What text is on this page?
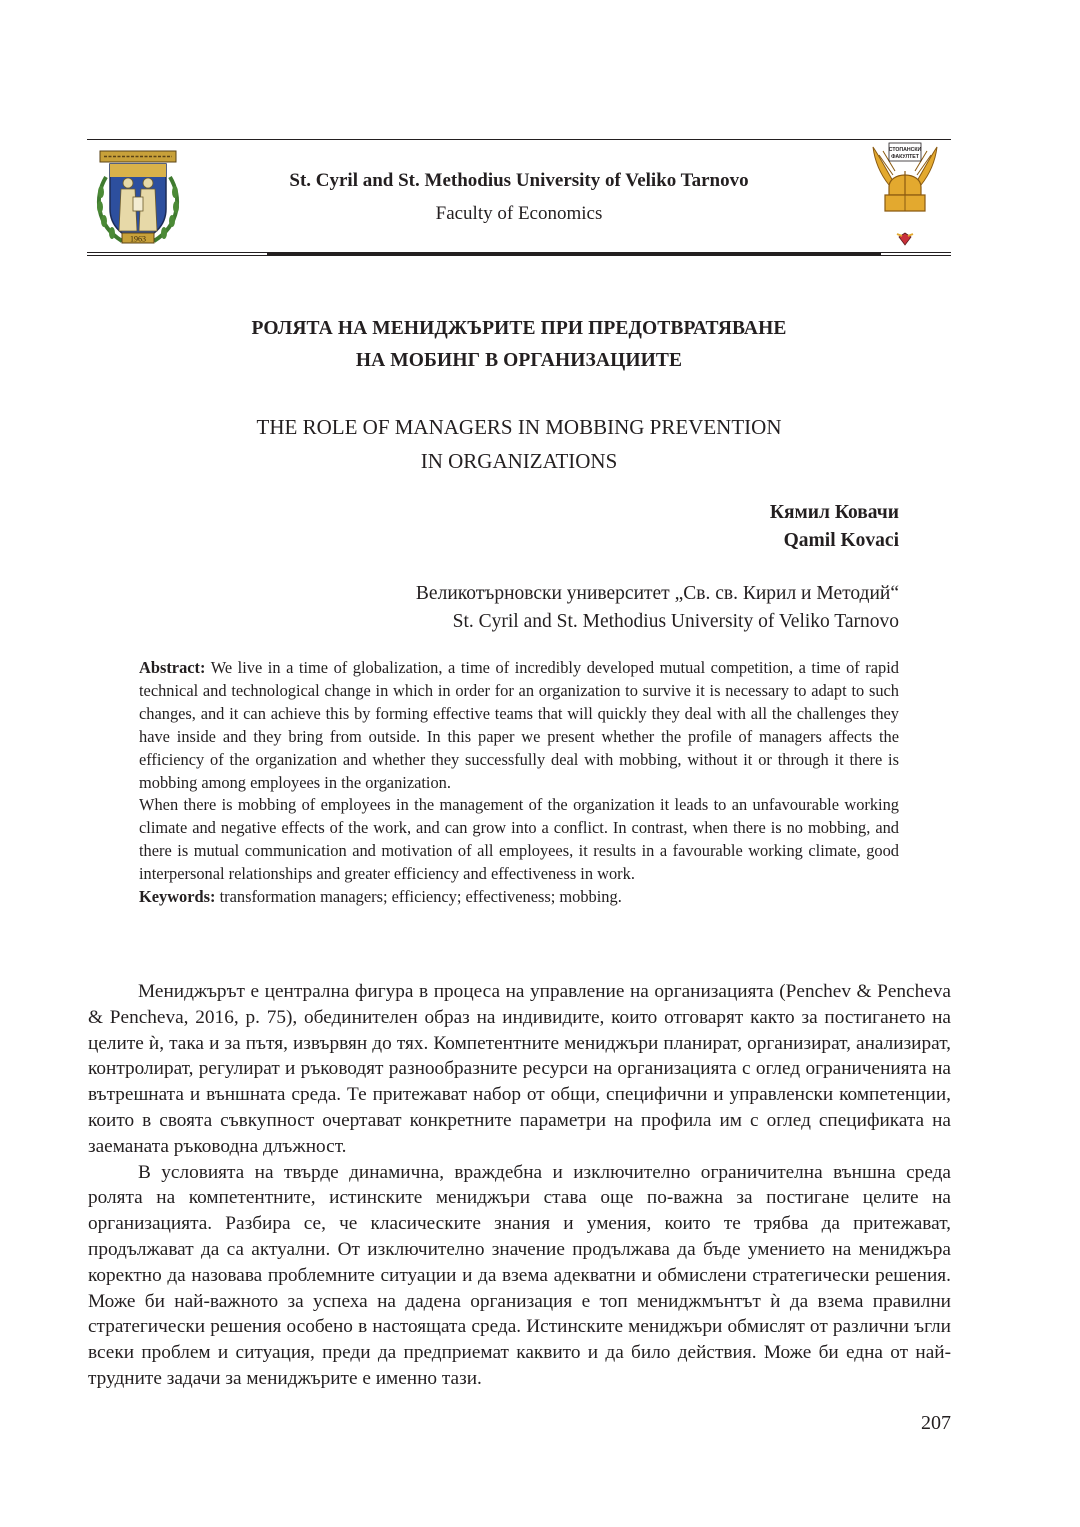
1963
St. Cyril and St. Methodius University of Veliko Tarnovo
Faculty of Economics
СТОПАНСКИ
ФАКУЛТЕТ
РОЛЯТА НА МЕНИДЖЪРИТЕ ПРИ ПРЕДОТВРАТЯВАНЕ
НА МОБИНГ В ОРГАНИЗАЦИИТЕ
THE ROLE OF MANAGERS IN MOBBING PREVENTION
IN ORGANIZATIONS
Кямил Ковачи
Qamil Kovaci
Великотърновски университет „Св. св. Кирил и Методий“
St. Cyril and St. Methodius University of Veliko Tarnovo

Abstract: We live in a time of globalization, a time of incredibly developed mutual competition, a time of rapid technical and technological change in which in order for an organization to survive it is necessary to adapt to such changes, and it can achieve this by forming effective teams that will quickly they deal with all the challenges they have inside and they bring from outside. In this paper we present whether the profile of managers affects the efficiency of the organization and whether they successfully deal with mobbing, without it or through it there is mobbing among employees in the organization.

When there is mobbing of employees in the management of the organization it leads to an unfavourable working climate and negative effects of the work, and can grow into a conflict. In contrast, when there is no mobbing, and there is mutual communication and motivation of all employees, it results in a favourable working climate, good interpersonal relationships and greater efficiency and effectiveness in work.

Keywords: transformation managers; efficiency; effectiveness; mobbing.

Мениджърът е централна фигура в процеса на управление на организацията (Penchev & Pencheva & Pencheva, 2016, p. 75), обединителен образ на индивидите, които отговарят както за постигането на целите ѝ, така и за пътя, извървян до тях. Компетентните мениджъри планират, организират, анализират, контролират, регулират и ръководят разнообразните ресурси на организацията с оглед ограниченията на вътрешната и външната среда. Те притежават набор от общи, специфични и управленски компетенции, които в своята съвкупност очертават конкретните параметри на профила им с оглед спецификата на заеманата ръководна длъжност.

В условията на твърде динамична, враждебна и изключително ограничителна външна среда ролята на компетентните, истинските мениджъри става още по-важна за постигане целите на организацията. Разбира се, че класическите знания и умения, които те трябва да притежават, продължават да са актуални. От изключително значение продължава да бъде умението на мениджъра коректно да назовава проблемните ситуации и да взема адекватни и обмислени стратегически решения. Може би най-важното за успеха на дадена организация е топ мениджмънтът ѝ да взема правилни стратегически решения особено в настоящата среда. Истинските мениджъри обмислят от различни ъгли всеки проблем и ситуация, преди да предприемат каквито и да било действия. Може би една от най-трудните задачи за мениджърите е именно тази.

207
